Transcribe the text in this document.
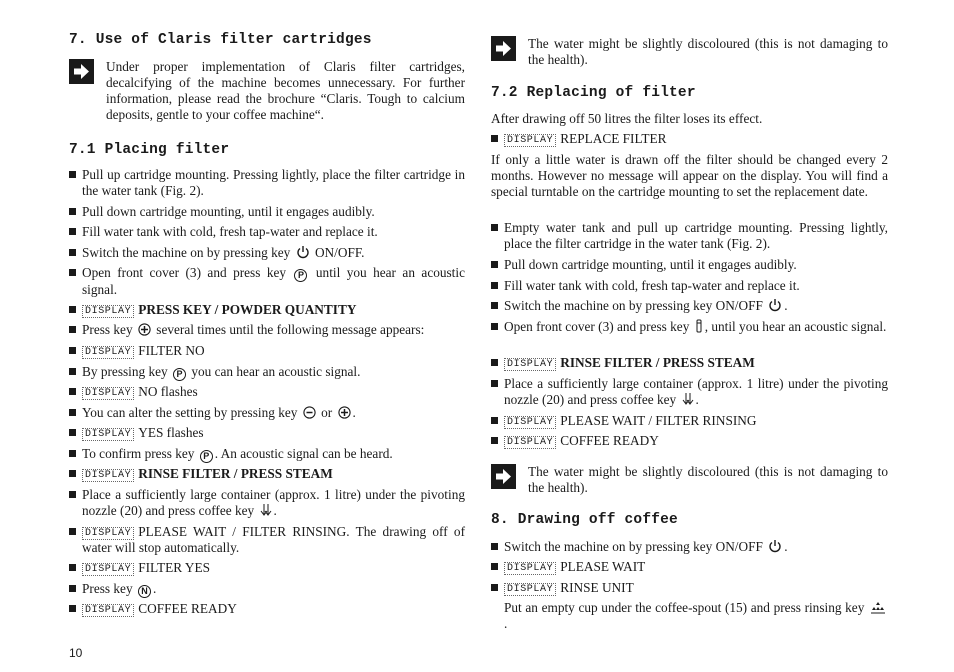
7. Use of Claris filter cartridges
Under proper implementation of Claris filter cartridges, decalcifying of the machine becomes unnecessary. For further information, please read the brochure “Claris. Tough to calcium deposits, gentle to your coffee machine“.
7.1 Placing filter
Pull up cartridge mounting. Pressing lightly, place the filter cartridge in the water tank (Fig. 2).
Pull down cartridge mounting, until it engages audibly.
Fill water tank with cold, fresh tap-water and replace it.
Switch the machine on by pressing key ON/OFF.
Open front cover (3) and press key P until you hear an acoustic signal.
DISPLAY PRESS KEY / POWDER QUANTITY
Press key several times until the following message appears:
DISPLAY FILTER NO
By pressing key P you can hear an acoustic signal.
DISPLAY NO flashes
You can alter the setting by pressing key or .
DISPLAY YES flashes
To confirm press key P . An acoustic signal can be heard.
DISPLAY RINSE FILTER / PRESS STEAM
Place a sufficiently large container (approx. 1 litre) under the pivoting nozzle (20) and press coffee key .
DISPLAY PLEASE WAIT / FILTER RINSING. The drawing off of water will stop automatically.
DISPLAY FILTER YES
Press key N .
DISPLAY COFFEE READY
The water might be slightly discoloured (this is not damaging to the health).
7.2 Replacing of filter

After drawing off 50 litres the filter loses its effect.

DISPLAY REPLACE FILTER

If only a little water is drawn off the filter should be changed every 2 months. However no message will appear on the display. You will find a special turntable on the cartridge mounting to set the replacement date.

Empty water tank and pull up cartridge mounting. Pressing lightly, place the filter cartridge in the water tank (Fig. 2).
Pull down cartridge mounting, until it engages audibly.
Fill water tank with cold, fresh tap-water and replace it.
Switch the machine on by pressing key ON/OFF .
Open front cover (3) and press key , until you hear an acoustic signal.
DISPLAY RINSE FILTER / PRESS STEAM
Place a sufficiently large container (approx. 1 litre) under the pivoting nozzle (20) and press coffee key .
DISPLAY PLEASE WAIT / FILTER RINSING
DISPLAY COFFEE READY
The water might be slightly discoloured (this is not damaging to the health).
8. Drawing off coffee
Switch the machine on by pressing key ON/OFF .
DISPLAY PLEASE WAIT
DISPLAY RINSE UNIT

Put an empty cup under the coffee-spout (15) and press rinsing key  .

10
